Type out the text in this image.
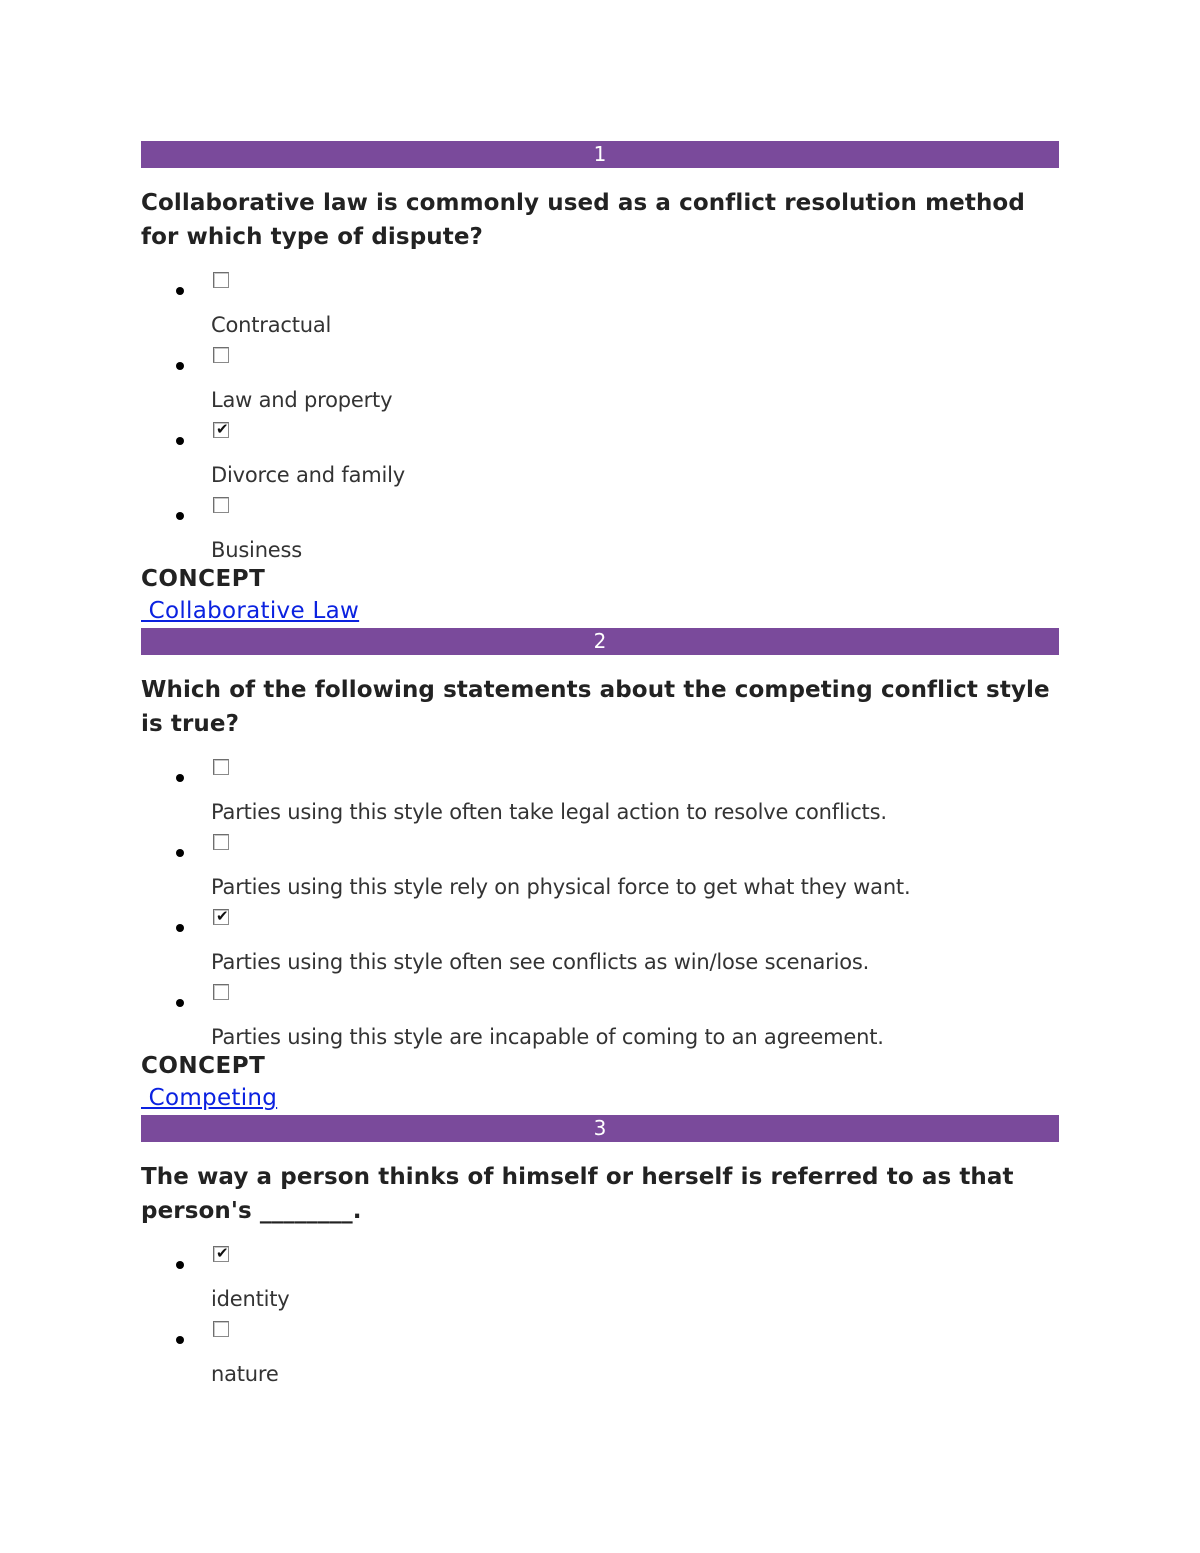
1
Collaborative law is commonly used as a conflict resolution method for which type of dispute?
Contractual
Law and property
✔
Divorce and family
Business
CONCEPT
Collaborative Law
2
Which of the following statements about the competing conflict style is true?
Parties using this style often take legal action to resolve conflicts.
Parties using this style rely on physical force to get what they want.
✔
Parties using this style often see conflicts as win/lose scenarios.
Parties using this style are incapable of coming to an agreement.
CONCEPT
Competing
3
The way a person thinks of himself or herself is referred to as that person's ________.
✔
identity
nature
